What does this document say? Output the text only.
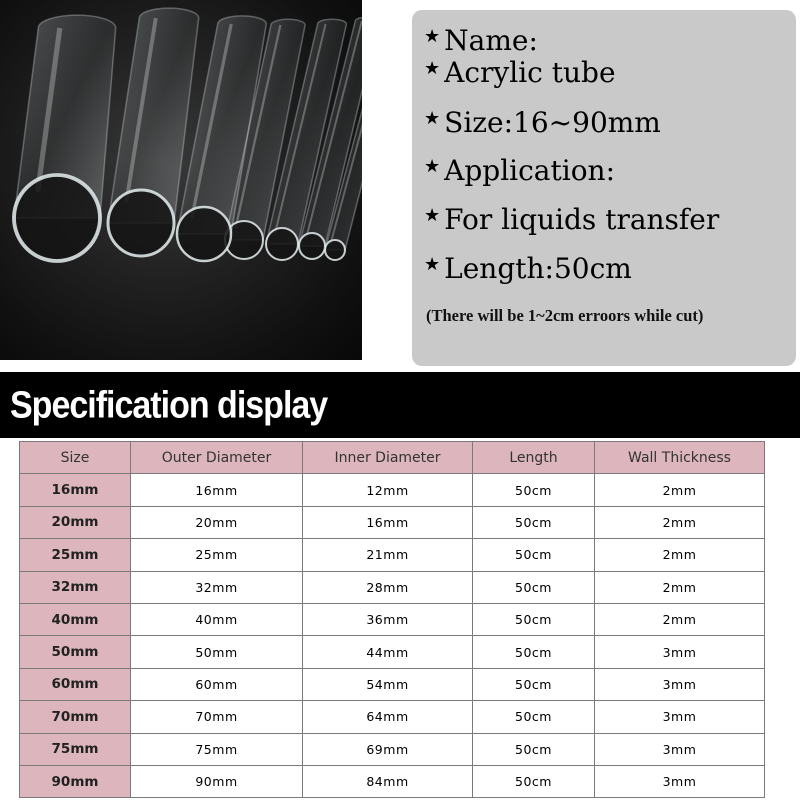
★ Name:
★ Acrylic tube
★ Size:16~90mm
★ Application:
★ For liquids transfer
★ Length:50cm
(There will be 1~2cm erroors while cut)
Specification display
Size	Outer Diameter	Inner Diameter	Length	Wall Thickness
16mm	16mm	12mm	50cm	2mm
20mm	20mm	16mm	50cm	2mm
25mm	25mm	21mm	50cm	2mm
32mm	32mm	28mm	50cm	2mm
40mm	40mm	36mm	50cm	2mm
50mm	50mm	44mm	50cm	3mm
60mm	60mm	54mm	50cm	3mm
70mm	70mm	64mm	50cm	3mm
75mm	75mm	69mm	50cm	3mm
90mm	90mm	84mm	50cm	3mm
